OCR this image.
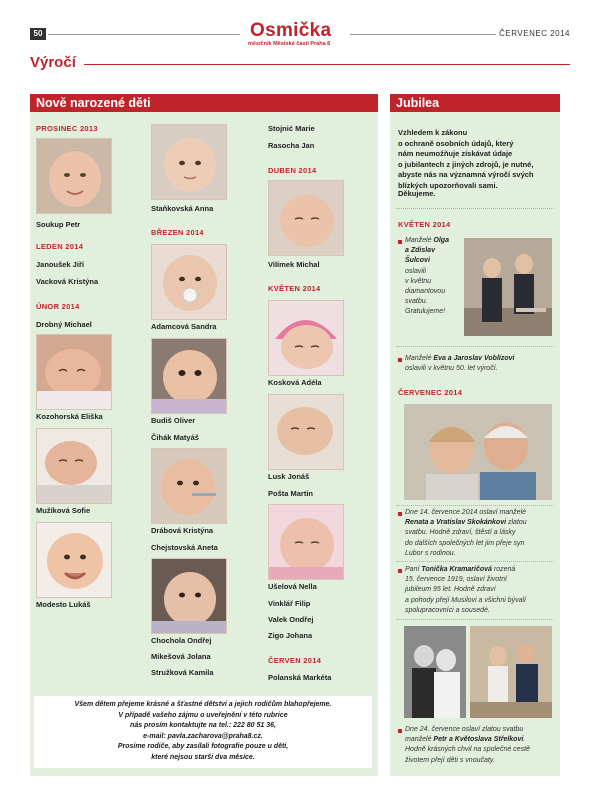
50	Osmička
měsíčník Městské části Praha 8
ČERVENEC 2014
Výročí
Nově narozené děti
PROSINEC 2013
Soukup Petr
LEDEN 2014
Janoušek Jiří
Vacková Kristýna
ÚNOR 2014
Drobný Michael
Kozohorská Eliška
Mužíková Sofie
Modesto Lukáš
Staňkovská Anna
BŘEZEN 2014
Adamcová Sandra
Budiš Oliver
Čihák Matyáš
Drábová Kristýna
Chejstovská Aneta
Chochola Ondřej
Mikešová Jolana
Stružková Kamila
Stojnić Marie
Rasocha Jan
DUBEN 2014
Vilímek Michal
KVĚTEN 2014
Kosková Adéla
Lusk Jonáš
Pošta Martin
Ušelová Nella
Vinklář Filip
Valek Ondřej
Zigo Johana
ČERVEN 2014
Polanská Markéta
Všem dětem přejeme krásné a šťastné dětství a jejich rodičům blahopřejeme.
V případě vašeho zájmu o uveřejnění v této rubrice
nás prosím kontaktujte na tel.: 222 80 51 36,
e-mail: pavla.zacharova@praha8.cz.
Prosíme rodiče, aby zasílali fotografie pouze u dětí,
které nejsou starší dva měsíce.
Jubilea
Vzhledem k zákonu
o ochraně osobních údajů, který
nám neumožňuje získávat údaje
o jubilantech z jiných zdrojů, je nutné,
abyste nás na významná výročí svých
blízkých upozorňovali sami.
Děkujeme.
KVĚTEN 2014
Manželé Olga
a Zdislav
Šulcovi
oslavili
v květnu
diamantovou
svatbu.
Gratulujeme!
Manželé Eva a Jaroslav Voblízovi
oslavili v květnu 50. let výročí.
ČERVENEC 2014
Dne 14. července 2014 oslaví manželé
Renata a Vratislav Skokánkovi zlatou
svatbu. Hodně zdraví, štěstí a lásky
do dalších společných let jim přeje syn
Lubor s rodinou.
Paní Tonička Kramaričová rozená
15. července 1919, oslaví životní
jubileum 95 let. Hodně zdraví
a pohody přejí Musilovi a všichni bývalí
spolupracovníci a sousedé.
Dne 24. července oslaví zlatou svatbu
manželé Petr a Květoslava Střelkovi.
Hodně krásných chvil na společné cestě
životem přejí děti s vnoučaty.
